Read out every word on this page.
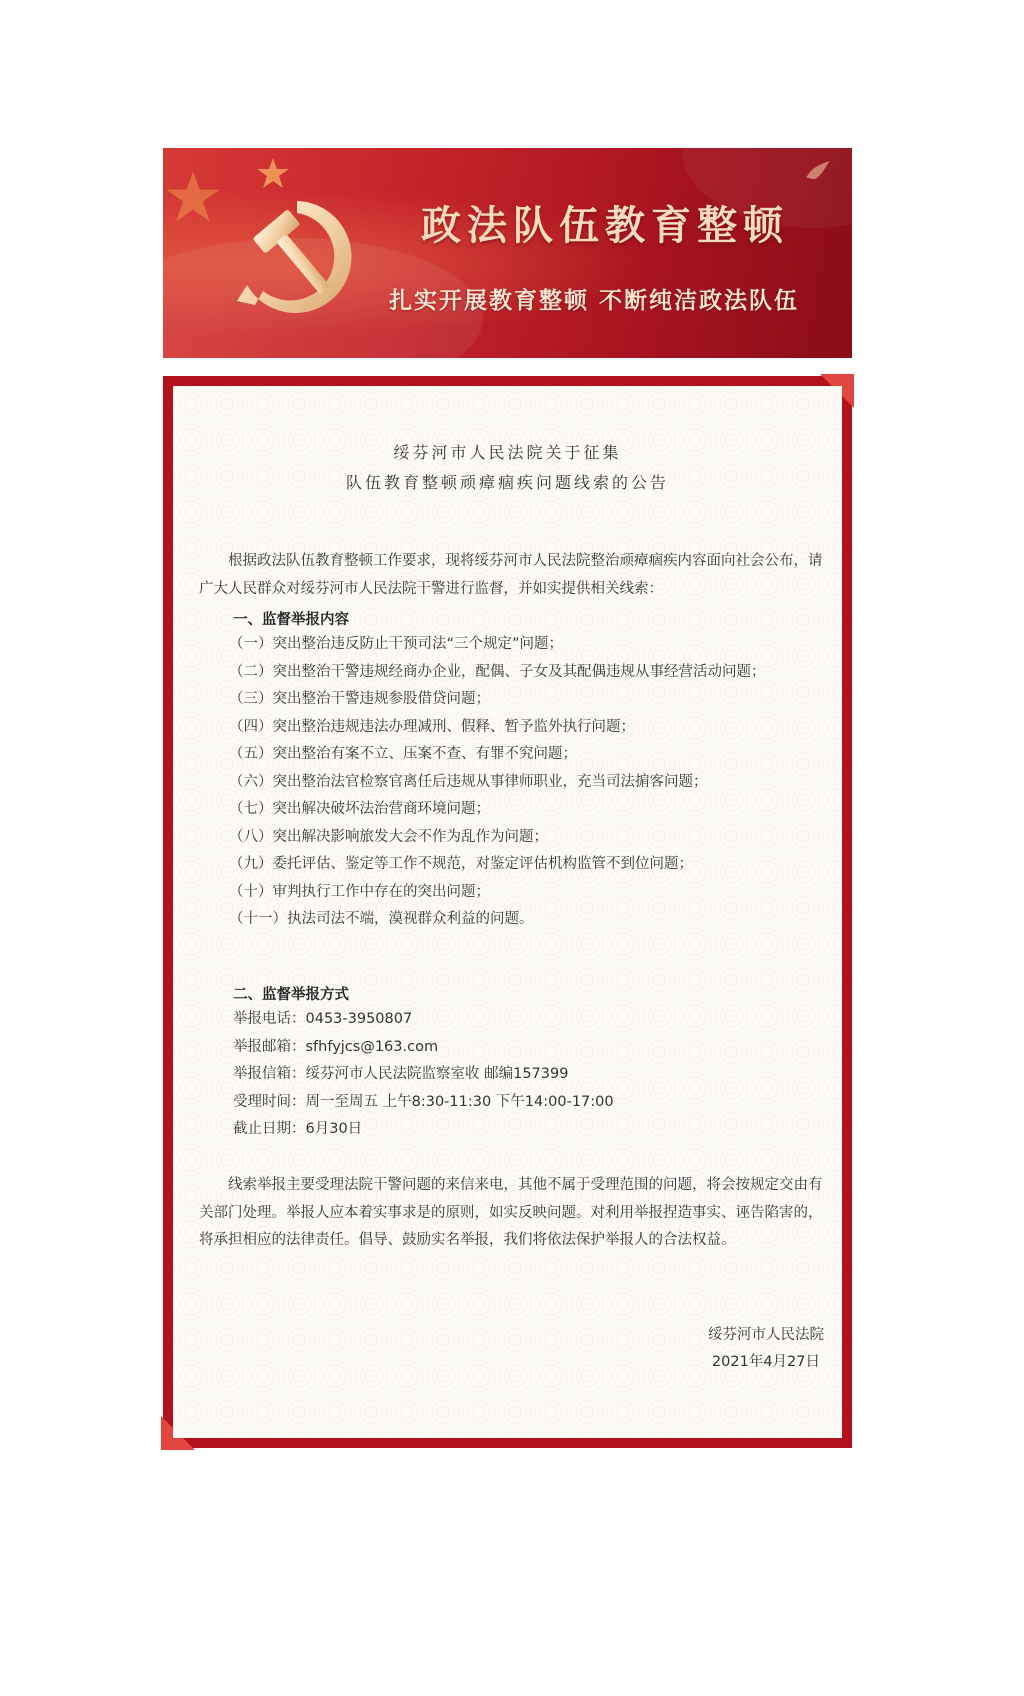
政法队伍教育整顿
扎实开展教育整顿 不断纯洁政法队伍
绥芬河市人民法院关于征集
队伍教育整顿顽瘴痼疾问题线索的公告

根据政法队伍教育整顿工作要求，现将绥芬河市人民法院整治顽瘴痼疾内容面向社会公布，请广大人民群众对绥芬河市人民法院干警进行监督，并如实提供相关线索：

一、监督举报内容
（一）突出整治违反防止干预司法“三个规定”问题；
（二）突出整治干警违规经商办企业，配偶、子女及其配偶违规从事经营活动问题；
（三）突出整治干警违规参股借贷问题；
（四）突出整治违规违法办理减刑、假释、暂予监外执行问题；
（五）突出整治有案不立、压案不查、有罪不究问题；
（六）突出整治法官检察官离任后违规从事律师职业，充当司法掮客问题；
（七）突出解决破坏法治营商环境问题；
（八）突出解决影响旅发大会不作为乱作为问题；
（九）委托评估、鉴定等工作不规范，对鉴定评估机构监管不到位问题；
（十）审判执行工作中存在的突出问题；
（十一）执法司法不端，漠视群众利益的问题。
二、监督举报方式
举报电话：0453-3950807
举报邮箱：sfhfyjcs@163.com
举报信箱：绥芬河市人民法院监察室收 邮编157399
受理时间：周一至周五 上午8:30-11:30 下午14:00-17:00
截止日期：6月30日

线索举报主要受理法院干警问题的来信来电，其他不属于受理范围的问题，将会按规定交由有关部门处理。举报人应本着实事求是的原则，如实反映问题。对利用举报捏造事实、诬告陷害的，将承担相应的法律责任。倡导、鼓励实名举报，我们将依法保护举报人的合法权益。

绥芬河市人民法院
2021年4月27日
